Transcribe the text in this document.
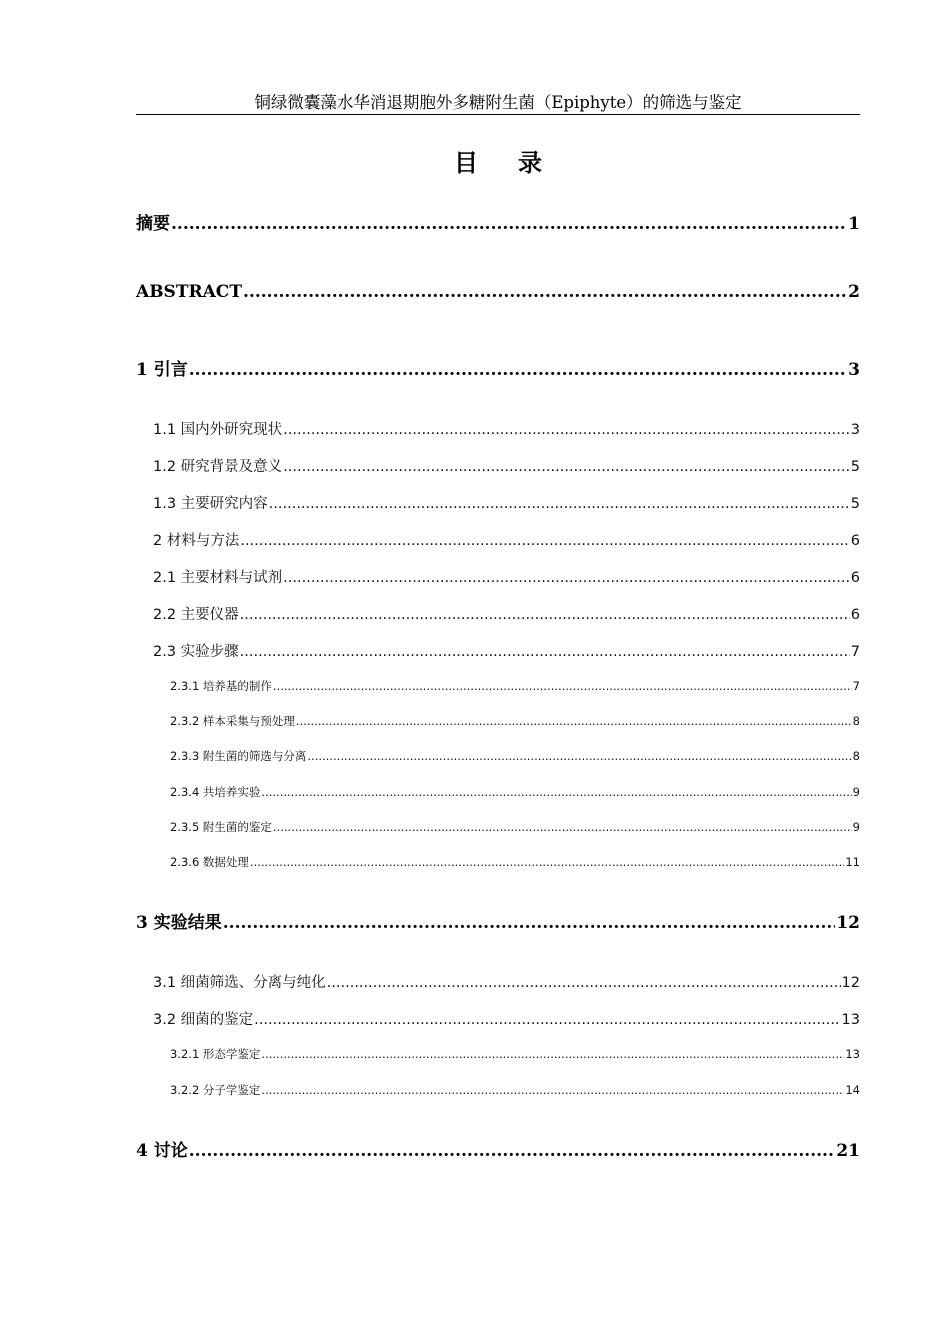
铜绿微囊藻水华消退期胞外多糖附生菌（Epiphyte）的筛选与鉴定
目录
摘要 .....	1
ABSTRACT .....	2
1 引言 .....	3
1.1 国内外研究现状 .....	3
1.2 研究背景及意义 .....	5
1.3 主要研究内容 .....	5
2 材料与方法 .....	6
2.1 主要材料与试剂 .....	6
2.2 主要仪器 .....	6
2.3 实验步骤 .....	7
2.3.1 培养基的制作 .....	7
2.3.2 样本采集与预处理 .....	8
2.3.3 附生菌的筛选与分离 .....	8
2.3.4 共培养实验 .....	9
2.3.5 附生菌的鉴定 .....	9
2.3.6 数据处理 .....	11
3 实验结果 .....	12
3.1 细菌筛选、分离与纯化 .....	12
3.2 细菌的鉴定 .....	13
3.2.1 形态学鉴定 .....	13
3.2.2 分子学鉴定 .....	14
4 讨论 .....	21
